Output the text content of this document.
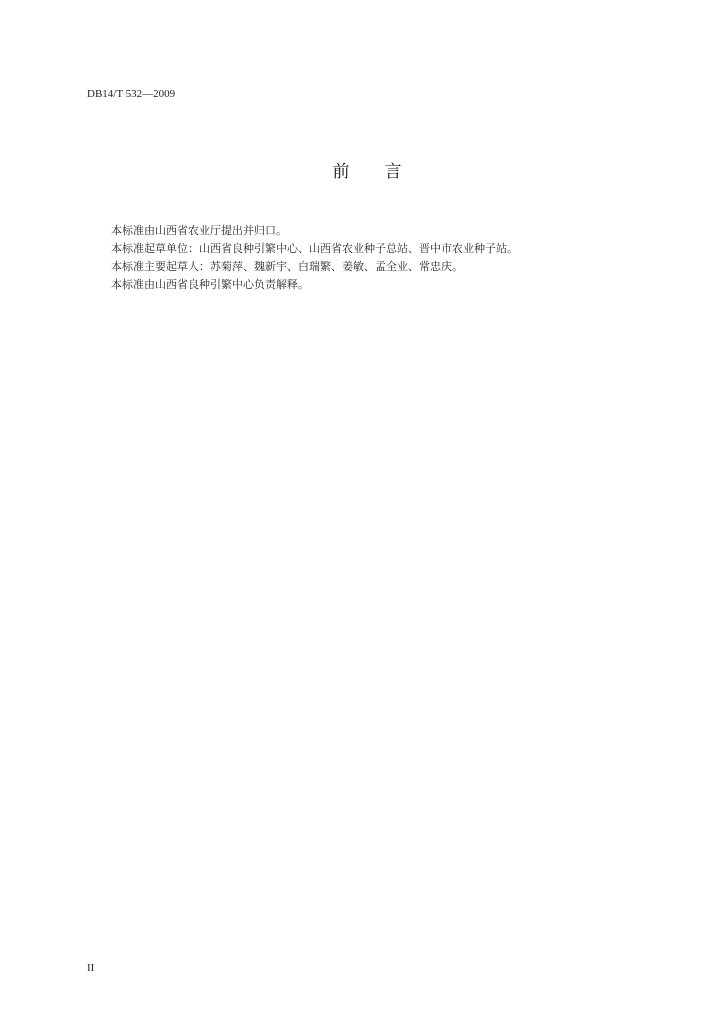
DB14/T 532—2009
前 言
本标准由山西省农业厅提出并归口。
本标准起草单位：山西省良种引繁中心、山西省农业种子总站、晋中市农业种子站。
本标准主要起草人：苏菊萍、魏新宇、白瑞繁、姜敏、孟全业、常忠庆。
本标准由山西省良种引繁中心负责解释。
II
